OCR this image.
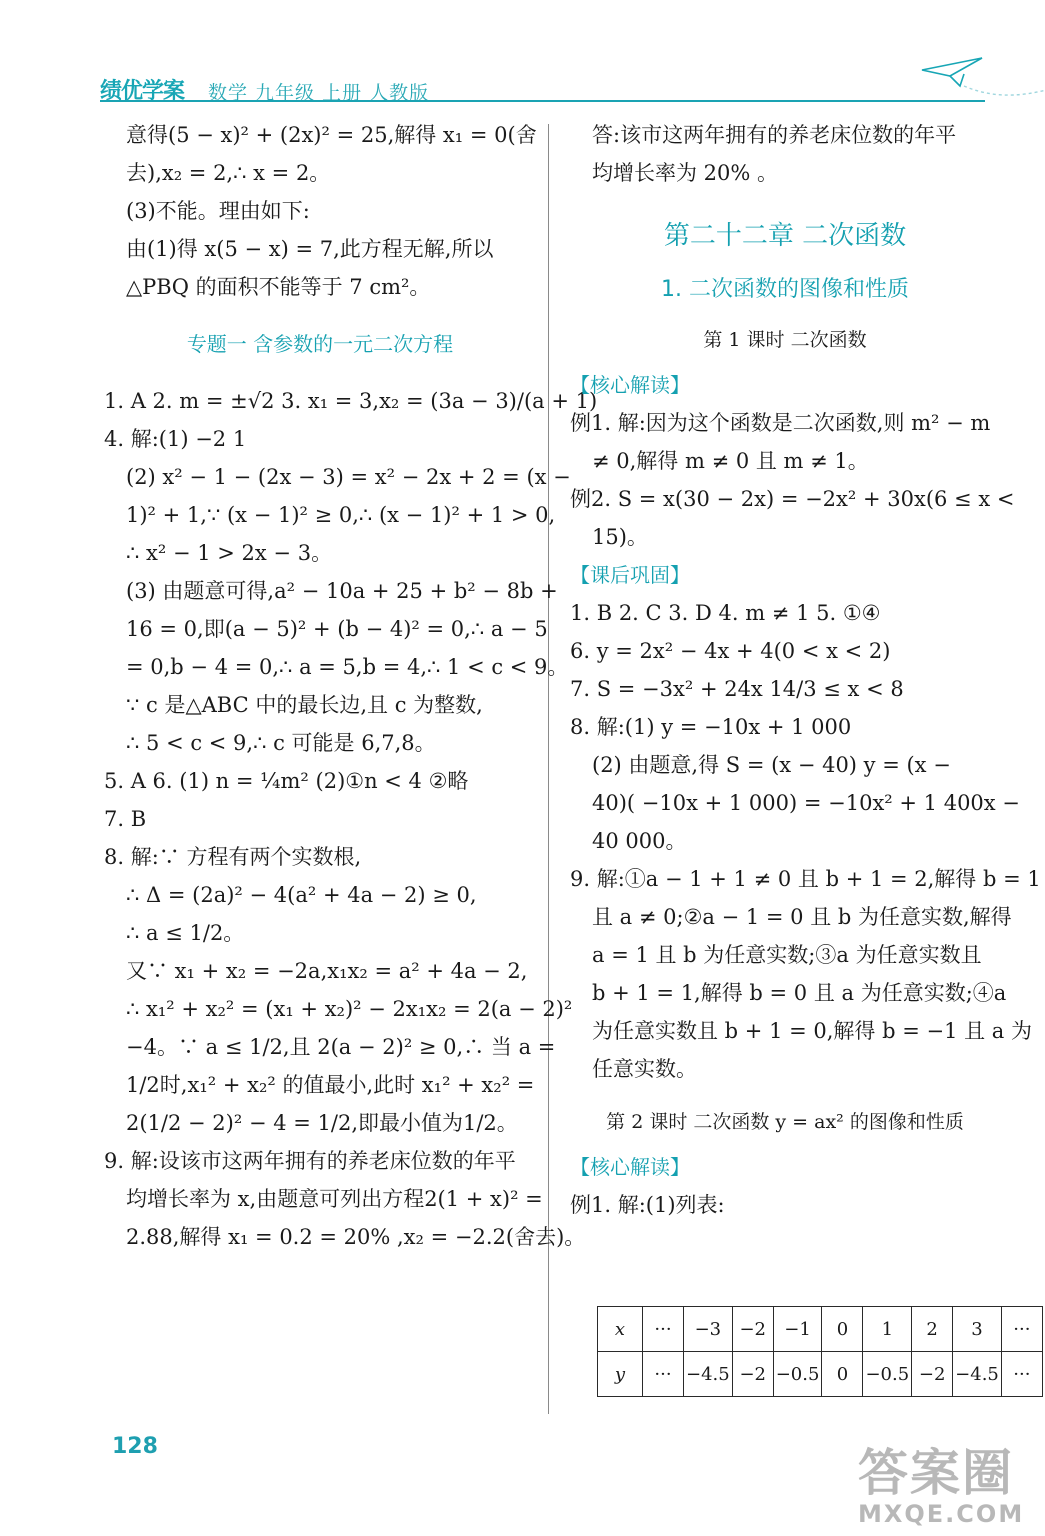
绩优学案 数学 九年级 上册 人教版
意得(5 − x)² + (2x)² = 25,解得 x₁ = 0(舍
去),x₂ = 2,∴ x = 2。
(3)不能。理由如下:
由(1)得 x(5 − x) = 7,此方程无解,所以
△PBQ 的面积不能等于 7 cm²。
专题一 含参数的一元二次方程
1. A 2. m = ±√2 3. x₁ = 3,x₂ = (3a − 3)/(a + 1)
4. 解:(1) −2 1
(2) x² − 1 − (2x − 3) = x² − 2x + 2 = (x −
1)² + 1,∵ (x − 1)² ≥ 0,∴ (x − 1)² + 1 > 0,
∴ x² − 1 > 2x − 3。
(3) 由题意可得,a² − 10a + 25 + b² − 8b +
16 = 0,即(a − 5)² + (b − 4)² = 0,∴ a − 5
= 0,b − 4 = 0,∴ a = 5,b = 4,∴ 1 < c < 9。
∵ c 是△ABC 中的最长边,且 c 为整数,
∴ 5 < c < 9,∴ c 可能是 6,7,8。
5. A 6. (1) n = ¼m² (2)①n < 4 ②略
7. B
8. 解:∵ 方程有两个实数根,
∴ Δ = (2a)² − 4(a² + 4a − 2) ≥ 0,
∴ a ≤ 1/2。
又∵ x₁ + x₂ = −2a,x₁x₂ = a² + 4a − 2,
∴ x₁² + x₂² = (x₁ + x₂)² − 2x₁x₂ = 2(a − 2)²
−4。∵ a ≤ 1/2,且 2(a − 2)² ≥ 0,∴ 当 a =
1/2时,x₁² + x₂² 的值最小,此时 x₁² + x₂² =
2(1/2 − 2)² − 4 = 1/2,即最小值为1/2。
9. 解:设该市这两年拥有的养老床位数的年平
均增长率为 x,由题意可列出方程2(1 + x)² =
2.88,解得 x₁ = 0.2 = 20% ,x₂ = −2.2(舍去)。
答:该市这两年拥有的养老床位数的年平
均增长率为 20% 。
第二十二章 二次函数
1. 二次函数的图像和性质
第 1 课时 二次函数
【核心解读】
例1. 解:因为这个函数是二次函数,则 m² − m
≠ 0,解得 m ≠ 0 且 m ≠ 1。
例2. S = x(30 − 2x) = −2x² + 30x(6 ≤ x <
15)。
【课后巩固】
1. B 2. C 3. D 4. m ≠ 1 5. ①④
6. y = 2x² − 4x + 4(0 < x < 2)
7. S = −3x² + 24x 14/3 ≤ x < 8
8. 解:(1) y = −10x + 1 000
(2) 由题意,得 S = (x − 40) y = (x −
40)( −10x + 1 000) = −10x² + 1 400x −
40 000。
9. 解:①a − 1 + 1 ≠ 0 且 b + 1 = 2,解得 b = 1
且 a ≠ 0;②a − 1 = 0 且 b 为任意实数,解得
a = 1 且 b 为任意实数;③a 为任意实数且
b + 1 = 1,解得 b = 0 且 a 为任意实数;④a
为任意实数且 b + 1 = 0,解得 b = −1 且 a 为
任意实数。
第 2 课时 二次函数 y = ax² 的图像和性质
【核心解读】
例1. 解:(1)列表:
x	···	−3	−2	−1	0	1	2	3	···
y	···	−4.5	−2	−0.5	0	−0.5	−2	−4.5	···
128	答案圈
MXQE.COM
